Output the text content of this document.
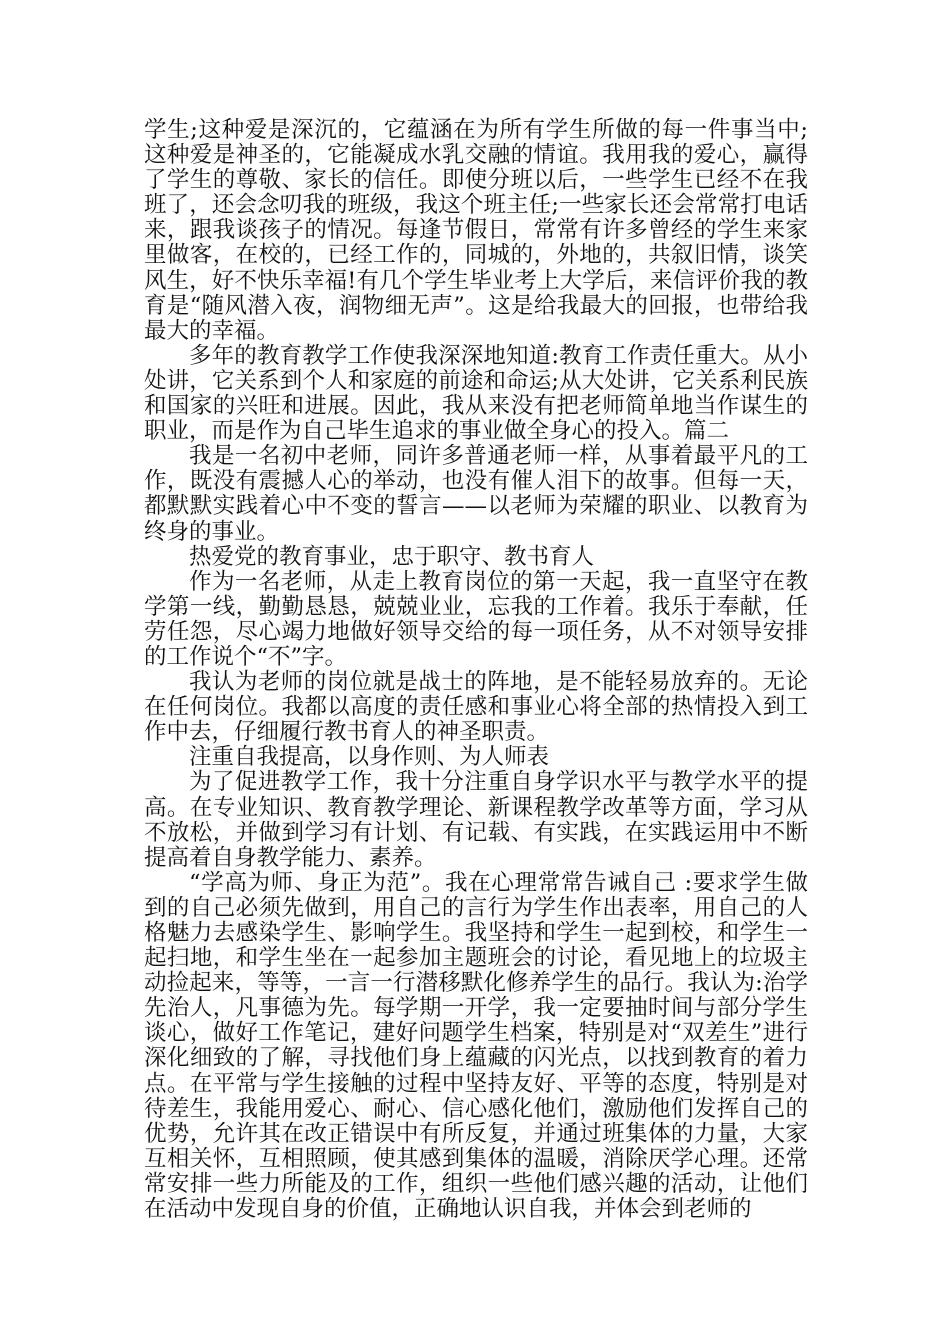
学生;这种爱是深沉的，它蕴涵在为所有学生所做的每一件事当中;这种爱是神圣的，它能凝成水乳交融的情谊。我用我的爱心，赢得了学生的尊敬、家长的信任。即使分班以后，一些学生已经不在我班了，还会念叨我的班级，我这个班主任;一些家长还会常常打电话来，跟我谈孩子的情况。每逢节假日，常常有许多曾经的学生来家里做客，在校的，已经工作的，同城的，外地的，共叙旧情，谈笑风生，好不快乐幸福!有几个学生毕业考上大学后，来信评价我的教育是“随风潜入夜，润物细无声”。这是给我最大的回报，也带给我最大的幸福。

多年的教育教学工作使我深深地知道:教育工作责任重大。从小处讲，它关系到个人和家庭的前途和命运;从大处讲，它关系利民族和国家的兴旺和进展。因此，我从来没有把老师简单地当作谋生的职业，而是作为自己毕生追求的事业做全身心的投入。篇二

我是一名初中老师，同许多普通老师一样，从事着最平凡的工作，既没有震撼人心的举动，也没有催人泪下的故事。但每一天，都默默实践着心中不变的誓言——以老师为荣耀的职业、以教育为终身的事业。

热爱党的教育事业，忠于职守、教书育人

作为一名老师，从走上教育岗位的第一天起，我一直坚守在教学第一线，勤勤恳恳，兢兢业业，忘我的工作着。我乐于奉献，任劳任怨，尽心竭力地做好领导交给的每一项任务，从不对领导安排的工作说个“不”字。

我认为老师的岗位就是战士的阵地，是不能轻易放弃的。无论在任何岗位。我都以高度的责任感和事业心将全部的热情投入到工作中去，仔细履行教书育人的神圣职责。

注重自我提高，以身作则、为人师表

为了促进教学工作，我十分注重自身学识水平与教学水平的提高。在专业知识、教育教学理论、新课程教学改革等方面，学习从不放松，并做到学习有计划、有记载、有实践，在实践运用中不断提高着自身教学能力、素养。

“学高为师、身正为范”。我在心理常常告诫自己 :要求学生做到的自己必须先做到，用自己的言行为学生作出表率，用自己的人格魅力去感染学生、影响学生。我坚持和学生一起到校，和学生一起扫地，和学生坐在一起参加主题班会的讨论，看见地上的垃圾主动捡起来，等等，一言一行潜移默化修养学生的品行。我认为:治学先治人，凡事德为先。每学期一开学，我一定要抽时间与部分学生谈心，做好工作笔记，建好问题学生档案，特别是对“双差生”进行深化细致的了解，寻找他们身上蕴藏的闪光点，以找到教育的着力点。在平常与学生接触的过程中坚持友好、平等的态度，特别是对待差生，我能用爱心、耐心、信心感化他们，激励他们发挥自己的优势，允许其在改正错误中有所反复，并通过班集体的力量，大家互相关怀，互相照顾，使其感到集体的温暖，消除厌学心理。还常常安排一些力所能及的工作，组织一些他们感兴趣的活动，让他们在活动中发现自身的价值，正确地认识自我，并体会到老师的
